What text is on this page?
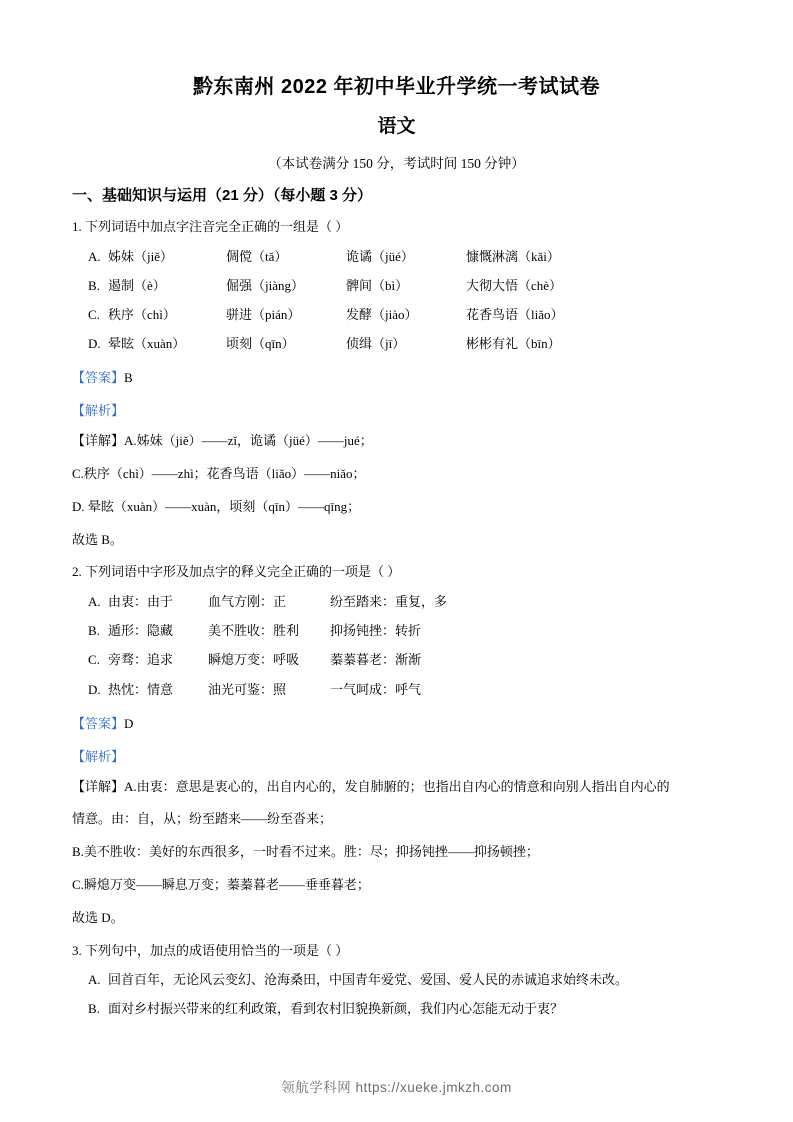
黔东南州 2022 年初中毕业升学统一考试试卷
语文
（本试卷满分 150 分，考试时间 150 分钟）
一、基础知识与运用（21 分）（每小题 3 分）
1. 下列词语中加点字注音完全正确的一组是（ ）
A. 姊妹（jiě）	倜傥（tǎ）	诡谲（jüé）	慷慨淋漓（kǎi）
B. 遏制（è）	倔强（jiàng）	髀间（bì）	大彻大悟（chè）
C. 秩序（chì）	骈进（pián）	发酵（jiào）	花香鸟语（liǎo）
D. 晕眩（xuàn）	顷刻（qīn）	侦缉（jī）	彬彬有礼（bīn）
【答案】B
【解析】
【详解】A.姊妹（jiě）——zǐ，诡谲（jüé）——jué；
C.秩序（chì）——zhì；花香鸟语（liǎo）——niǎo；
D. 晕眩（xuàn）——xuàn，顷刻（qīn）——qīng；
故选 B。
2. 下列词语中字形及加点字的释义完全正确的一项是（ ）
A. 由衷：由于	血气方刚：正	纷至踏来：重复，多
B. 遁形：隐藏	美不胜收：胜利	抑扬钝挫：转折
C. 旁骛：追求	瞬熄万变：呼吸	蓁蓁暮老：渐渐
D. 热忱：情意	油光可鉴：照	一气呵成：呼气
【答案】D
【解析】
【详解】A.由衷：意思是衷心的，出自内心的，发自肺腑的；也指出自内心的情意和向别人指出自内心的
情意。由：自，从；纷至踏来——纷至沓来；
B.美不胜收：美好的东西很多，一时看不过来。胜：尽；抑扬钝挫——抑扬顿挫；
C.瞬熄万变——瞬息万变；蓁蓁暮老——垂垂暮老；
故选 D。
3. 下列句中，加点的成语使用恰当的一项是（ ）
A. 回首百年，无论风云变幻、沧海桑田，中国青年爱党、爱国、爱人民的赤诚追求始终未改。
B. 面对乡村振兴带来的红利政策，看到农村旧貌换新颜，我们内心怎能无动于衷？
领航学科网 https://xueke.jmkzh.com
